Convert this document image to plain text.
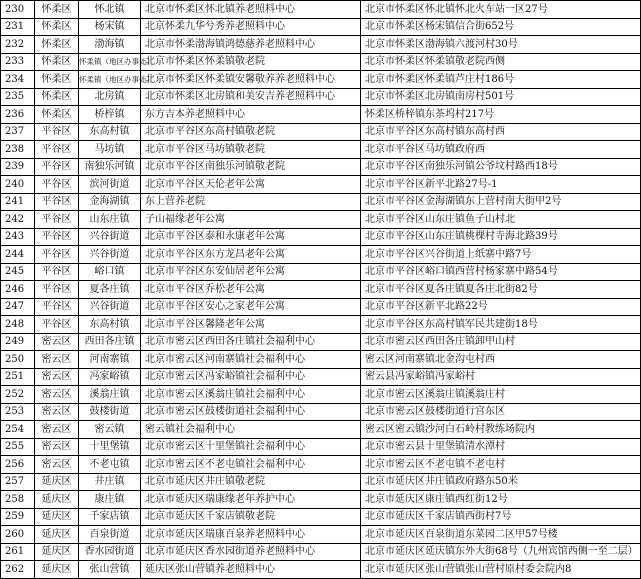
230	怀柔区	怀北镇	北京市怀柔区怀北镇养老照料中心	北京市怀柔区怀北镇怀北火车站一区27号
231	怀柔区	杨宋镇	北京怀柔九华兮秀养老照料中心	北京市怀柔区杨宋镇信合街652号
232	怀柔区	渤海镇	北京市怀柔渤海镇鸿德慈养老照料中心	北京市怀柔区渤海镇六渡河村30号
233	怀柔区	怀柔镇（地区办事处）	北京市怀柔区怀柔镇敬老院	北京市怀柔区怀柔镇敬老院西侧
234	怀柔区	怀柔镇（地区办事处）	北京市怀柔区怀柔镇安馨敬养养老照料中心	北京市怀柔区怀柔镇芦庄村186号
235	怀柔区	北房镇	北京市怀柔区北房镇和美安吉养老照料中心	北京市怀柔区北房镇南房村501号
236	怀柔区	桥梓镇	东方吉本养老照料中心	怀柔区桥梓镇东茶坞村217号
237	平谷区	东高村镇	北京市平谷区东高村镇敬老院	北京市平谷区东高村镇东高村西
238	平谷区	马坊镇	北京市平谷区马坊镇敬老院	北京市平谷区马坊镇政府西
239	平谷区	南独乐河镇	北京市平谷区南独乐河镇敬老院	北京市平谷区南独乐河镇公爷坟村路西18号
240	平谷区	滨河街道	北京市平谷区天伦老年公寓	北京市平谷区新平北路27号-1
241	平谷区	金海湖镇	东上营养老院	北京市平谷区金海湖镇东上营村南大街甲2号
242	平谷区	山东庄镇	子山福缘老年公寓	北京市平谷区山东庄镇鱼子山村北
243	平谷区	兴谷街道	北京市平谷区泰和永康老年公寓	北京市平谷区山东庄镇桃棵村寺海北路39号
244	平谷区	兴谷街道	北京市平谷区东方龙昌老年公寓	北京市平谷区兴谷街道上纸寨中路7号
245	平谷区	峪口镇	北京市平谷区东安仙居老年公寓	北京市平谷区峪口镇西营村杨家寨中路54号
246	平谷区	夏各庄镇	北京市平谷区乔松老年公寓	北京市平谷区夏各庄镇夏各庄北街82号
247	平谷区	兴谷街道	北京市平谷区安心之家老年公寓	北京市平谷区新平北路22号
248	平谷区	东高村镇	北京市平谷区馨隆老年公寓	北京市平谷区东高村镇军民共建街18号
249	密云区	西田各庄镇	北京市密云区西田各庄镇社会福利中心	北京市密云区西田各庄镇卸甲山村
250	密云区	河南寨镇	北京市密云区河南寨镇社会福利中心	密云区河南寨镇北金沟屯村西
251	密云区	冯家峪镇	北京市密云区冯家峪镇社会福利中心	密云县冯家峪镇冯家峪村
252	密云区	溪翁庄镇	北京市密云区溪翁庄镇社会福利中心	北京市密云区溪翁庄镇溪翁庄村
253	密云区	鼓楼街道	北京市密云区鼓楼街道社会福利中心	北京市密云区鼓楼街道行宫东区
254	密云区	密云镇	密云镇社会福利中心	密云区密云镇沙河白石岭村教练场院内
255	密云区	十里堡镇	北京市密云区十里堡镇社会福利中心	北京市密云县十里堡镇清水潭村
256	密云区	不老屯镇	北京市密云区不老屯镇社会福利中心	北京市密云区不老屯镇不老屯村
257	延庆区	井庄镇	北京市延庆区井庄镇敬老院	北京市延庆区井庄镇政府路东50米
258	延庆区	康庄镇	北京市延庆区瑞康缘老年养护中心	北京市延庆区康庄镇西红街12号
259	延庆区	千家店镇	北京市延庆区千家店镇敬老院	北京市延庆区千家店镇西街村7号
260	延庆区	百泉街道	北京市延庆区瑞康百泉养老照料中心	北京市延庆区百泉街道东菜园二区甲57号楼
261	延庆区	香水园街道	北京市延庆区香水园街道养老照料中心	北京市延庆区延庆镇东外大街68号（九州宾馆西侧一至二层）
262	延庆区	张山营镇	延庆区张山营镇养老照料中心	北京市延庆区张山营镇张山营村原村委会院内8
